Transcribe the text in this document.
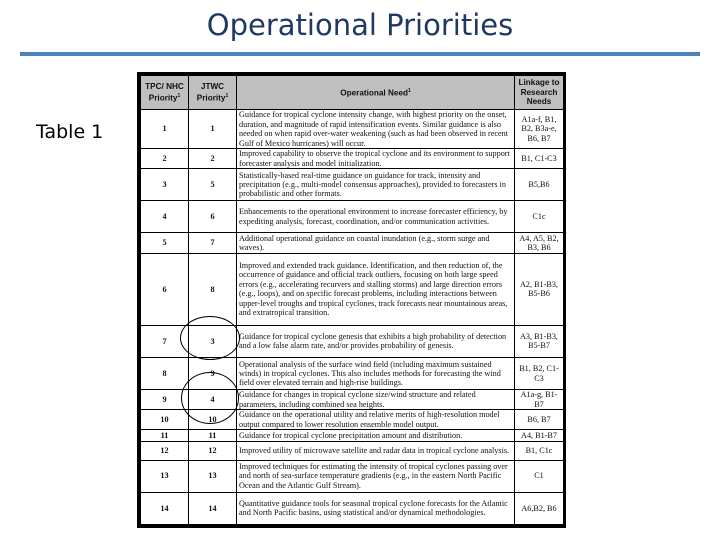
Operational Priorities
Table 1
TPC/ NHC Priority$^1$	JTWC Priority$^1$	Operational Need$^1$	Linkage to Research Needs
1	1	Guidance for tropical cyclone intensity change, with highest priority on the onset, duration, and magnitude of rapid intensification events. Similar guidance is also needed on when rapid over-water weakening (such as had been observed in recent Gulf of Mexico hurricanes) will occur.	A1a-f, B1, B2, B3a-e, B6, B7
2	2	Improved capability to observe the tropical cyclone and its environment to support forecaster analysis and model initialization.	B1, C1-C3
3	5	Statistically-based real-time guidance on guidance for track, intensity and precipitation (e.g., multi-model consensus approaches), provided to forecasters in probabilistic and other formats.	B5,B6
4	6	Enhancements to the operational environment to increase forecaster efficiency, by expediting analysis, forecast, coordination, and/or communication activities.	C1c
5	7	Additional operational guidance on coastal inundation (e.g., storm surge and waves).	A4, A5, B2, B3, B6
6	8	Improved and extended track guidance. Identification, and then reduction of, the occurrence of guidance and official track outliers, focusing on both large speed errors (e.g., accelerating recurvers and stalling storms) and large direction errors (e.g., loops), and on specific forecast problems, including interactions between upper-level troughs and tropical cyclones, track forecasts near mountainous areas, and extratropical transition.	A2, B1-B3, B5-B6
7	3	Guidance for tropical cyclone genesis that exhibits a high probability of detection and a low false alarm rate, and/or provides probability of genesis.	A3, B1-B3, B5-B7
8	9	Operational analysis of the surface wind field (including maximum sustained winds) in tropical cyclones. This also includes methods for forecasting the wind field over elevated terrain and high-rise buildings.	B1, B2, C1-C3
9	4	Guidance for changes in tropical cyclone size/wind structure and related parameters, including combined sea heights.	A1a-g, B1-B7
10	10	Guidance on the operational utility and relative merits of high-resolution model output compared to lower resolution ensemble model output.	B6, B7
11	11	Guidance for tropical cyclone precipitation amount and distribution.	A4, B1-B7
12	12	Improved utility of microwave satellite and radar data in tropical cyclone analysis.	B1, C1c
13	13	Improved techniques for estimating the intensity of tropical cyclones passing over and north of sea-surface temperature gradients (e.g., in the eastern North Pacific Ocean and the Atlantic Gulf Stream).	C1
14	14	Quantitative guidance tools for seasonal tropical cyclone forecasts for the Atlantic and North Pacific basins, using statistical and/or dynamical methodologies.	A6,B2, B6
